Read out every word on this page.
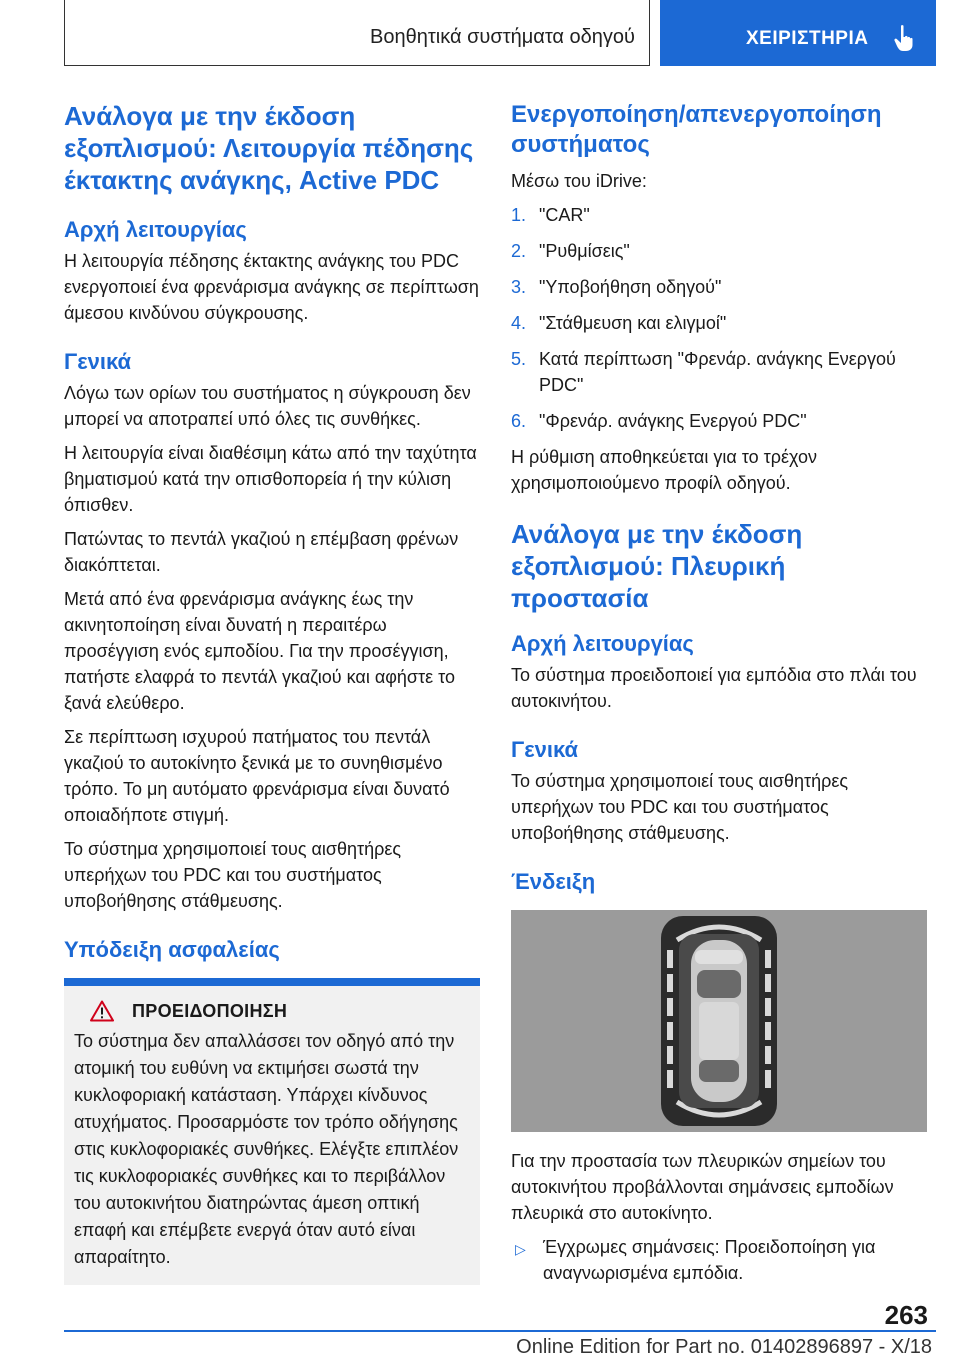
Βοηθητικά συστήματα οδηγού	ΧΕΙΡΙΣΤΗΡΙΑ
Ανάλογα με την έκδοση εξοπλισμού: Λειτουργία πέδησης έκτακτης ανάγκης, Active PDC
Αρχή λειτουργίας

Η λειτουργία πέδησης έκτακτης ανάγκης του PDC ενεργοποιεί ένα φρενάρισμα ανάγκης σε περίπτωση άμεσου κινδύνου σύγκρουσης.

Γενικά

Λόγω των ορίων του συστήματος η σύγκρουση δεν μπορεί να αποτραπεί υπό όλες τις συνθήκες.

Η λειτουργία είναι διαθέσιμη κάτω από την ταχύτητα βηματισμού κατά την οπισθοπορεία ή την κύλιση όπισθεν.

Πατώντας το πεντάλ γκαζιού η επέμβαση φρένων διακόπτεται.

Μετά από ένα φρενάρισμα ανάγκης έως την ακινητοποίηση είναι δυνατή η περαιτέρω προσέγγιση ενός εμποδίου. Για την προσέγγιση, πατήστε ελαφρά το πεντάλ γκαζιού και αφήστε το ξανά ελεύθερο.

Σε περίπτωση ισχυρού πατήματος του πεντάλ γκαζιού το αυτοκίνητο ξενικά με το συνηθισμένο τρόπο. Το μη αυτόματο φρενάρισμα είναι δυνατό οποιαδήποτε στιγμή.

Το σύστημα χρησιμοποιεί τους αισθητήρες υπερήχων του PDC και του συστήματος υποβοήθησης στάθμευσης.

Υπόδειξη ασφαλείας
ΠΡΟΕΙΔΟΠΟΙΗΣΗ

Το σύστημα δεν απαλλάσσει τον οδηγό από την ατομική του ευθύνη να εκτιμήσει σωστά την κυκλοφοριακή κατάσταση. Υπάρχει κίνδυνος ατυχήματος. Προσαρμόστε τον τρόπο οδήγησης στις κυκλοφοριακές συνθήκες. Ελέγξτε επιπλέον τις κυκλοφοριακές συνθήκες και το περιβάλλον του αυτοκινήτου διατηρώντας άμεση οπτική επαφή και επέμβετε ενεργά όταν αυτό είναι απαραίτητο.

Ενεργοποίηση/απενεργοποίηση συστήματος

Μέσω του iDrive:

1. "CAR"
2. "Ρυθμίσεις"
3. "Υποβοήθηση οδηγού"
4. "Στάθμευση και ελιγμοί"
5. Κατά περίπτωση "Φρενάρ. ανάγκης Ενεργού PDC"
6. "Φρενάρ. ανάγκης Ενεργού PDC"

Η ρύθμιση αποθηκεύεται για το τρέχον χρησιμοποιούμενο προφίλ οδηγού.

Ανάλογα με την έκδοση εξοπλισμού: Πλευρική προστασία
Αρχή λειτουργίας

Το σύστημα προειδοποιεί για εμπόδια στο πλάι του αυτοκινήτου.

Γενικά

Το σύστημα χρησιμοποιεί τους αισθητήρες υπερήχων του PDC και του συστήματος υποβοήθησης στάθμευσης.

Ένδειξη

Για την προστασία των πλευρικών σημείων του αυτοκινήτου προβάλλονται σημάνσεις εμποδίων πλευρικά στο αυτοκίνητο.

▷ Έγχρωμες σημάνσεις: Προειδοποίηση για αναγνωρισμένα εμπόδια.
263
Online Edition for Part no. 01402896897 - X/18
